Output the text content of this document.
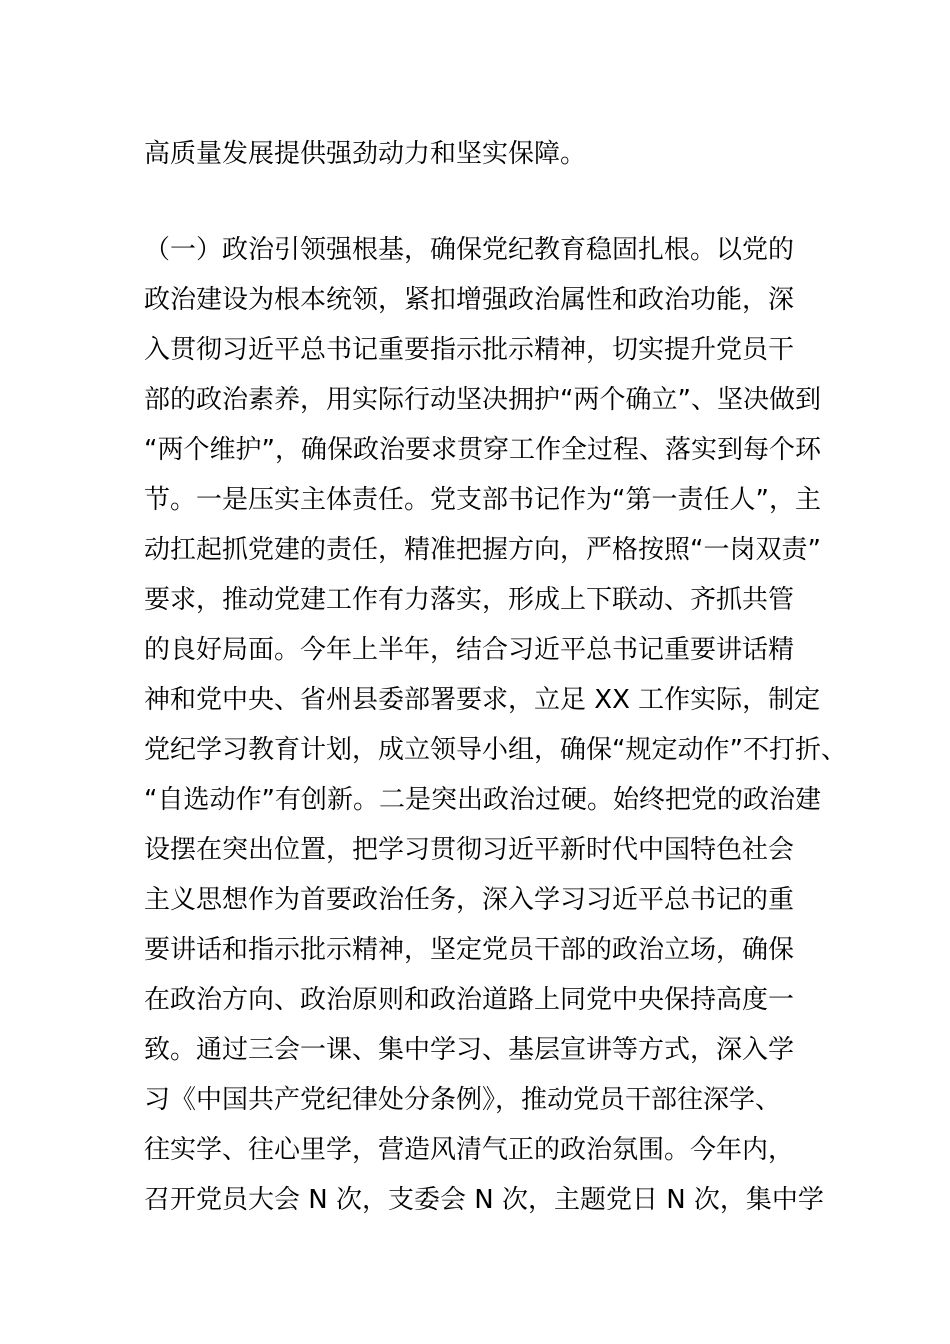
高质量发展提供强劲动力和坚实保障。
（一）政治引领强根基，确保党纪教育稳固扎根。以党的
政治建设为根本统领，紧扣增强政治属性和政治功能，深
入贯彻习近平总书记重要指示批示精神，切实提升党员干
部的政治素养，用实际行动坚决拥护“两个确立”、坚决做到
“两个维护”，确保政治要求贯穿工作全过程、落实到每个环
节。一是压实主体责任。党支部书记作为“第一责任人”，主
动扛起抓党建的责任，精准把握方向，严格按照“一岗双责”
要求，推动党建工作有力落实，形成上下联动、齐抓共管
的良好局面。今年上半年，结合习近平总书记重要讲话精
神和党中央、省州县委部署要求，立足 XX 工作实际，制定
党纪学习教育计划，成立领导小组，确保“规定动作”不打折、
“自选动作”有创新。二是突出政治过硬。始终把党的政治建
设摆在突出位置，把学习贯彻习近平新时代中国特色社会
主义思想作为首要政治任务，深入学习习近平总书记的重
要讲话和指示批示精神，坚定党员干部的政治立场，确保
在政治方向、政治原则和政治道路上同党中央保持高度一
致。通过三会一课、集中学习、基层宣讲等方式，深入学
习《中国共产党纪律处分条例》，推动党员干部往深学、
往实学、往心里学，营造风清气正的政治氛围。今年内，
召开党员大会 N 次，支委会 N 次，主题党日 N 次，集中学
